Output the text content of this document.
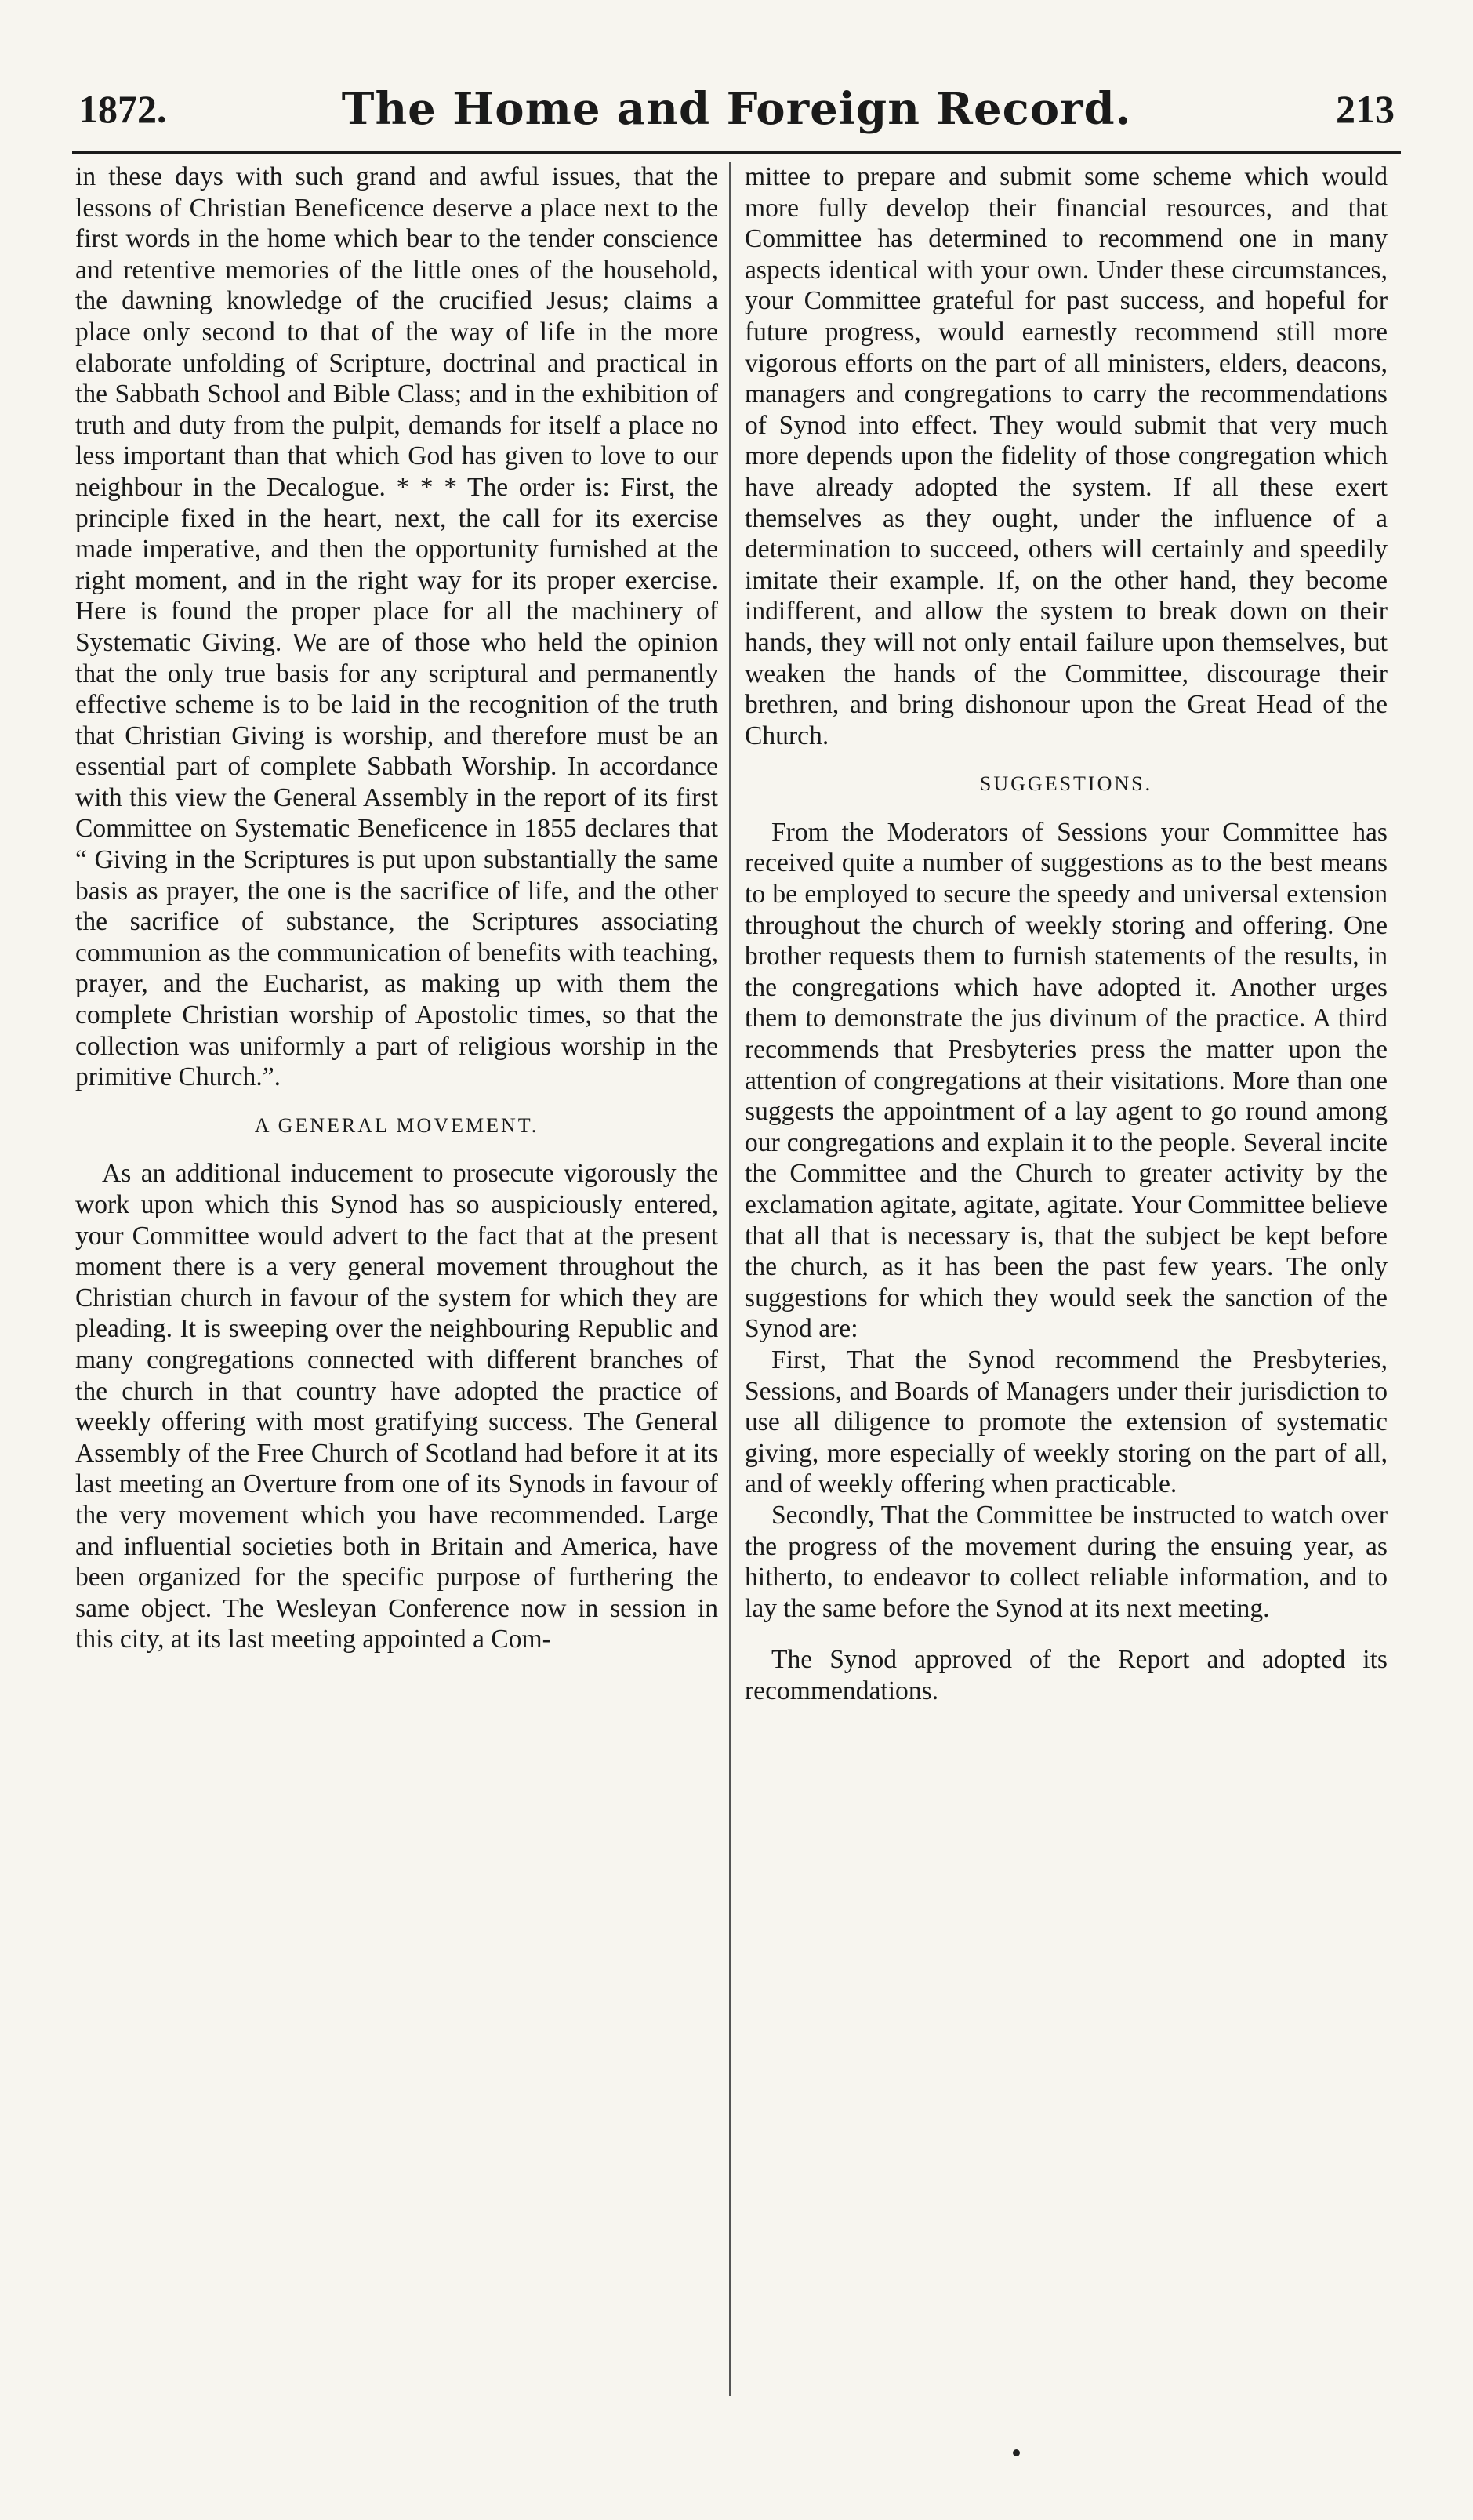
1872.	The Home and Foreign Record.	213

in these days with such grand and awful issues, that the lessons of Christian Beneficence deserve a place next to the first words in the home which bear to the tender conscience and retentive memories of the little ones of the household, the dawning knowledge of the crucified Jesus; claims a place only second to that of the way of life in the more elaborate unfolding of Scripture, doctrinal and practical in the Sabbath School and Bible Class; and in the exhibition of truth and duty from the pulpit, demands for itself a place no less important than that which God has given to love to our neighbour in the Decalogue. * * * The order is: First, the principle fixed in the heart, next, the call for its exercise made imperative, and then the opportunity furnished at the right moment, and in the right way for its proper exercise. Here is found the proper place for all the machinery of Systematic Giving. We are of those who held the opinion that the only true basis for any scriptural and permanently effective scheme is to be laid in the recognition of the truth that Christian Giving is worship, and therefore must be an essential part of complete Sabbath Worship. In accordance with this view the General Assembly in the report of its first Committee on Systematic Beneficence in 1855 declares that “ Giving in the Scriptures is put upon substantially the same basis as prayer, the one is the sacrifice of life, and the other the sacrifice of substance, the Scriptures associating communion as the communication of benefits with teaching, prayer, and the Eucharist, as making up with them the complete Christian worship of Apostolic times, so that the collection was uniformly a part of religious worship in the primitive Church.”.

A GENERAL MOVEMENT.

As an additional inducement to prosecute vigorously the work upon which this Synod has so auspiciously entered, your Committee would advert to the fact that at the present moment there is a very general movement throughout the Christian church in favour of the system for which they are pleading. It is sweeping over the neighbouring Republic and many congregations connected with different branches of the church in that country have adopted the practice of weekly offering with most gratifying success. The General Assembly of the Free Church of Scotland had before it at its last meeting an Overture from one of its Synods in favour of the very movement which you have recommended. Large and influential societies both in Britain and America, have been organized for the specific purpose of furthering the same object. The Wesleyan Conference now in session in this city, at its last meeting appointed a Com-

mittee to prepare and submit some scheme which would more fully develop their financial resources, and that Committee has determined to recommend one in many aspects identical with your own. Under these circumstances, your Committee grateful for past success, and hopeful for future progress, would earnestly recommend still more vigorous efforts on the part of all ministers, elders, deacons, managers and congregations to carry the recommendations of Synod into effect. They would submit that very much more depends upon the fidelity of those congregation which have already adopted the system. If all these exert themselves as they ought, under the influence of a determination to succeed, others will certainly and speedily imitate their example. If, on the other hand, they become indifferent, and allow the system to break down on their hands, they will not only entail failure upon themselves, but weaken the hands of the Committee, discourage their brethren, and bring dishonour upon the Great Head of the Church.

SUGGESTIONS.

From the Moderators of Sessions your Committee has received quite a number of suggestions as to the best means to be employed to secure the speedy and universal extension throughout the church of weekly storing and offering. One brother requests them to furnish statements of the results, in the congregations which have adopted it. Another urges them to demonstrate the jus divinum of the practice. A third recommends that Presbyteries press the matter upon the attention of congregations at their visitations. More than one suggests the appointment of a lay agent to go round among our congregations and explain it to the people. Several incite the Committee and the Church to greater activity by the exclamation agitate, agitate, agitate. Your Committee believe that all that is necessary is, that the subject be kept before the church, as it has been the past few years. The only suggestions for which they would seek the sanction of the Synod are:

First, That the Synod recommend the Presbyteries, Sessions, and Boards of Managers under their jurisdiction to use all diligence to promote the extension of systematic giving, more especially of weekly storing on the part of all, and of weekly offering when practicable.

Secondly, That the Committee be instructed to watch over the progress of the movement during the ensuing year, as hitherto, to endeavor to collect reliable information, and to lay the same before the Synod at its next meeting.

The Synod approved of the Report and adopted its recommendations.
